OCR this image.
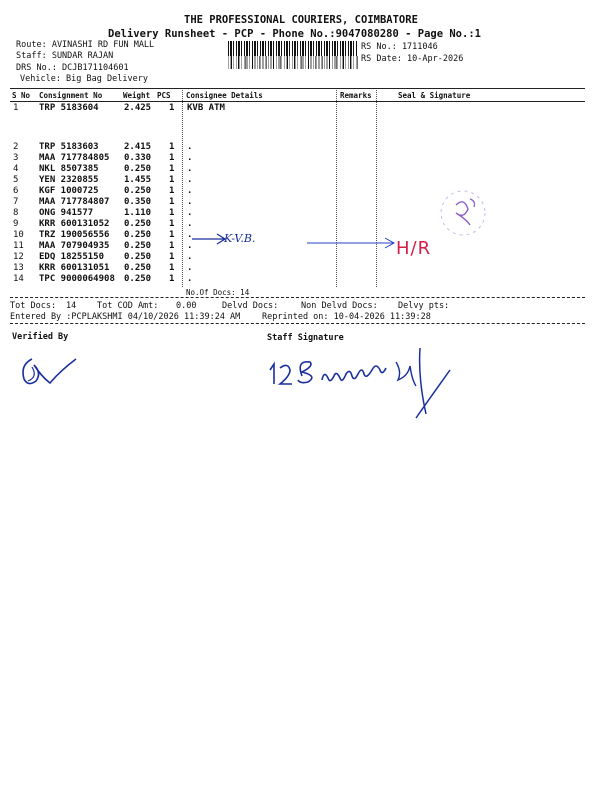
THE PROFESSIONAL COURIERS, COIMBATORE
Delivery Runsheet - PCP - Phone No.:9047080280 - Page No.:1
Route: AVINASHI RD FUN MALL
Staff: SUNDAR RAJAN
DRS No.: DCJB171104601
Vehicle: Big Bag Delivery
RS No.: 1711046
RS Date: 10-Apr-2026
S No Consignment No	Weight PCS Consignee Details	Remarks	Seal & Signature
1 TRP 5183604	2.425 1 KVB ATM
2 TRP 5183603	2.415 1 .
3 MAA 717784805 0.330 1 .
4 NKL 8507385	0.250 1 .
5 YEN 2320855	1.455 1 .
6 KGF 1000725	0.250 1 .
7 MAA 717784807 0.350 1 .
8 ONG 941577	1.110 1 .
9 KRR 600131052 0.250 1 .
10 TRZ 190056556 0.250 1 .
11 MAA 707904935 0.250 1 .
12 EDQ 18255150 0.250 1 .
13 KRR 600131051 0.250 1 .
14 TPC 9000064908 0.250 1 .
No.Of Docs: 14
Tot Docs: 14 Tot COD Amt: 0.00	Delvd Docs:	Non Delvd Docs: Delvy pts:
Entered By :PCPLAKSHMI 04/10/2026 11:39:24 AM	Reprinted on: 10-04-2026 11:39:28
Verified By	Staff Signature
K-V.B.	H/R
